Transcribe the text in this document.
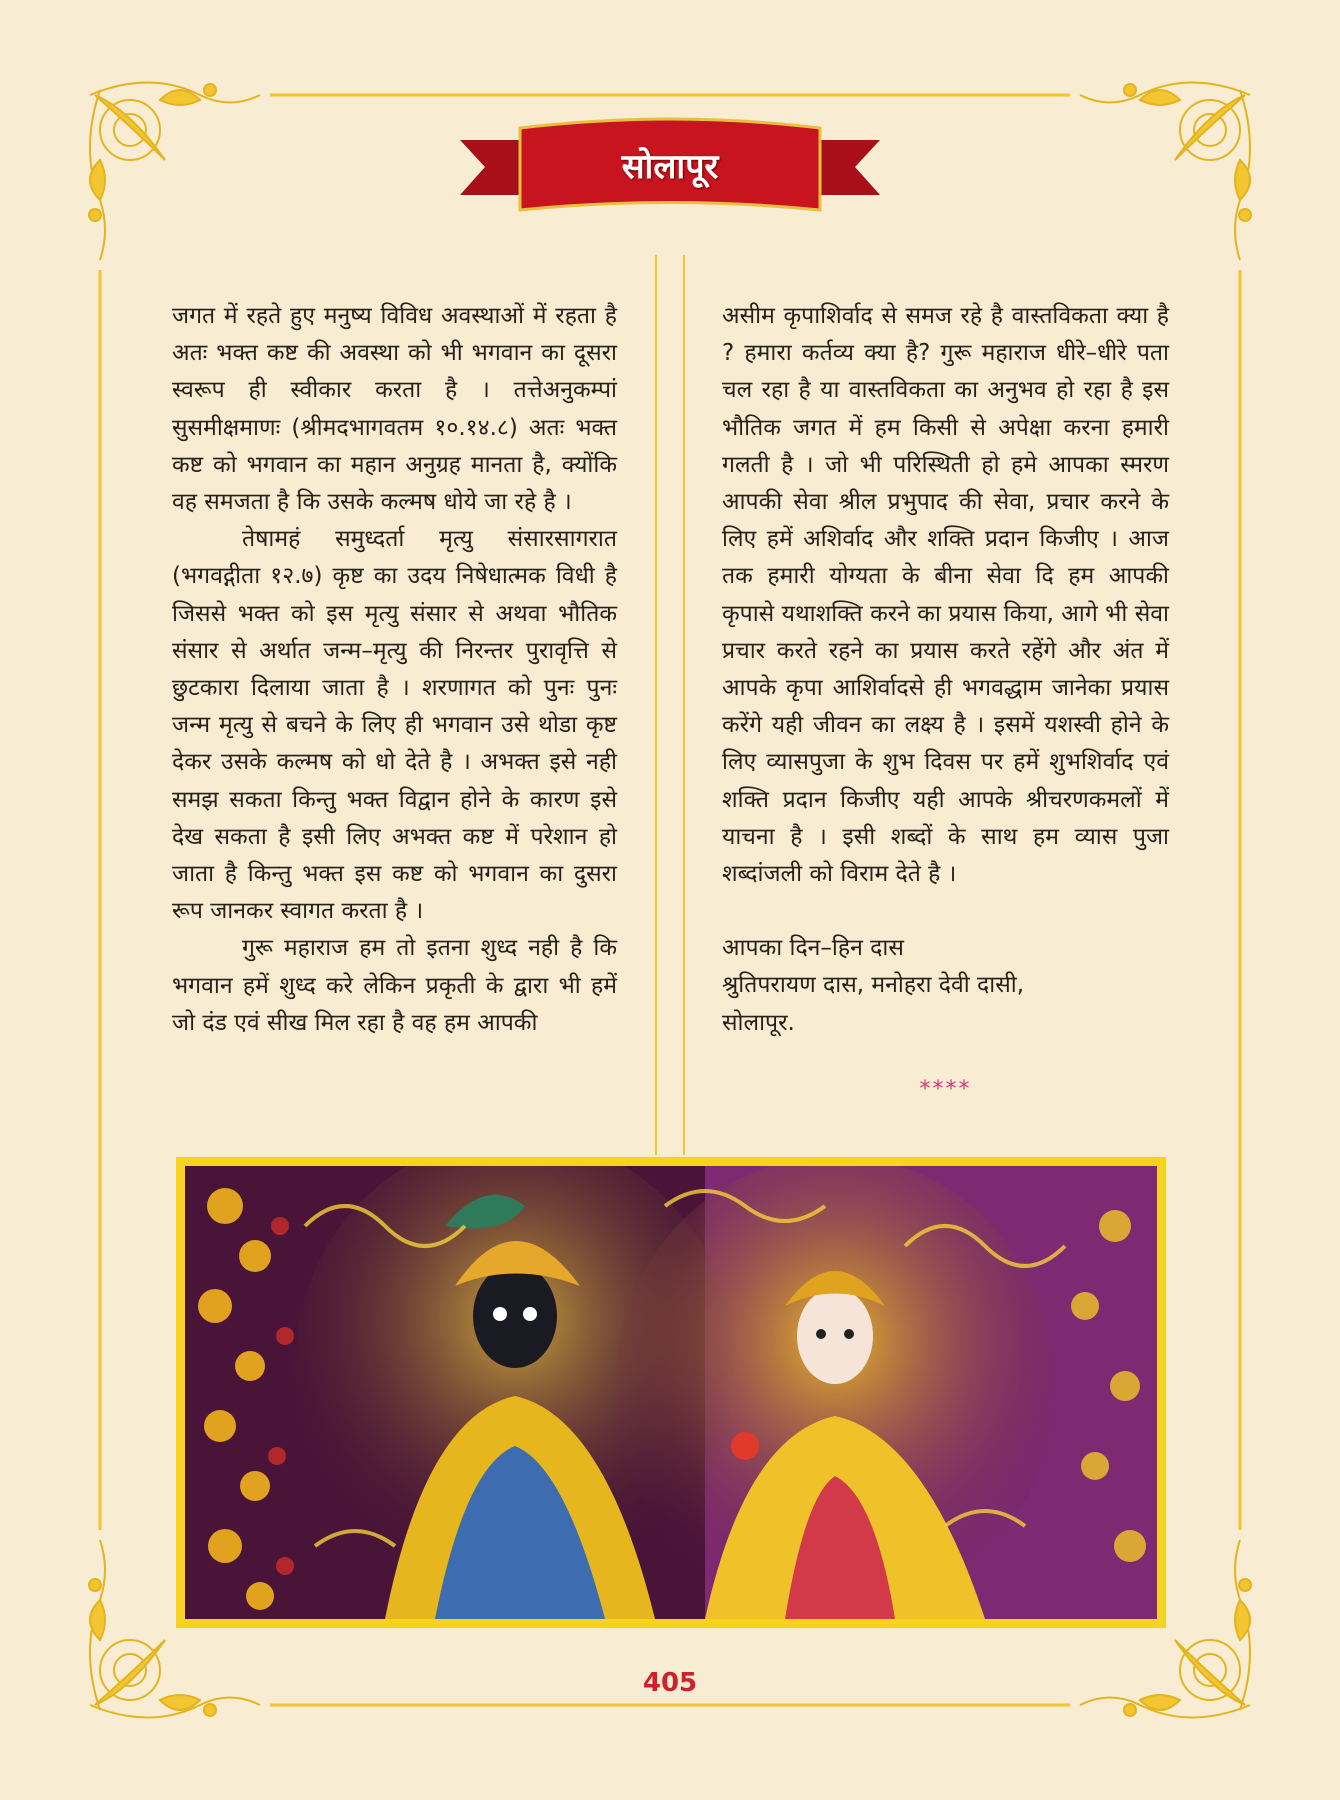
सोलापूर

जगत में रहते हुए मनुष्य विविध अवस्थाओं में रहता है अतः भक्त कष्ट की अवस्था को भी भगवान का दूसरा स्वरूप ही स्वीकार करता है । तत्तेअनुकम्पां सुसमीक्षमाणः (श्रीमदभागवतम १०.१४.८) अतः भक्त कष्ट को भगवान का महान अनुग्रह मानता है, क्योंकि वह समजता है कि उसके कल्मष धोये जा रहे है ।

तेषामहं समुध्दर्ता मृत्यु संसारसागरात (भगवद्गीता १२.७) कृष्ट का उदय निषेधात्मक विधी है जिससे भक्त को इस मृत्यु संसार से अथवा भौतिक संसार से अर्थात जन्म–मृत्यु की निरन्तर पुरावृत्ति से छुटकारा दिलाया जाता है । शरणागत को पुनः पुनः जन्म मृत्यु से बचने के लिए ही भगवान उसे थोडा कृष्ट देकर उसके कल्मष को धो देते है । अभक्त इसे नही समझ सकता किन्तु भक्त विद्वान होने के कारण इसे देख सकता है इसी लिए अभक्त कष्ट में परेशान हो जाता है किन्तु भक्त इस कष्ट को भगवान का दुसरा रूप जानकर स्वागत करता है ।

गुरू महाराज हम तो इतना शुध्द नही है कि भगवान हमें शुध्द करे लेकिन प्रकृती के द्वारा भी हमें जो दंड एवं सीख मिल रहा है वह हम आपकी

असीम कृपाशिर्वाद से समज रहे है वास्तविकता क्या है ? हमारा कर्तव्य क्या है? गुरू महाराज धीरे–धीरे पता चल रहा है या वास्तविकता का अनुभव हो रहा है इस भौतिक जगत में हम किसी से अपेक्षा करना हमारी गलती है । जो भी परिस्थिती हो हमे आपका स्मरण आपकी सेवा श्रील प्रभुपाद की सेवा, प्रचार करने के लिए हमें अशिर्वाद और शक्ति प्रदान किजीए । आज तक हमारी योग्यता के बीना सेवा दि हम आपकी कृपासे यथाशक्ति करने का प्रयास किया, आगे भी सेवा प्रचार करते रहने का प्रयास करते रहेंगे और अंत में आपके कृपा आशिर्वादसे ही भगवद्धाम जानेका प्रयास करेंगे यही जीवन का लक्ष्य है । इसमें यशस्वी होने के लिए व्यासपुजा के शुभ दिवस पर हमें शुभशिर्वाद एवं शक्ति प्रदान किजीए यही आपके श्रीचरणकमलों में याचना है । इसी शब्दों के साथ हम व्यास पुजा शब्दांजली को विराम देते है ।

आपका दिन–हिन दास
श्रुतिपरायण दास, मनोहरा देवी दासी,
सोलापूर.

****
405
